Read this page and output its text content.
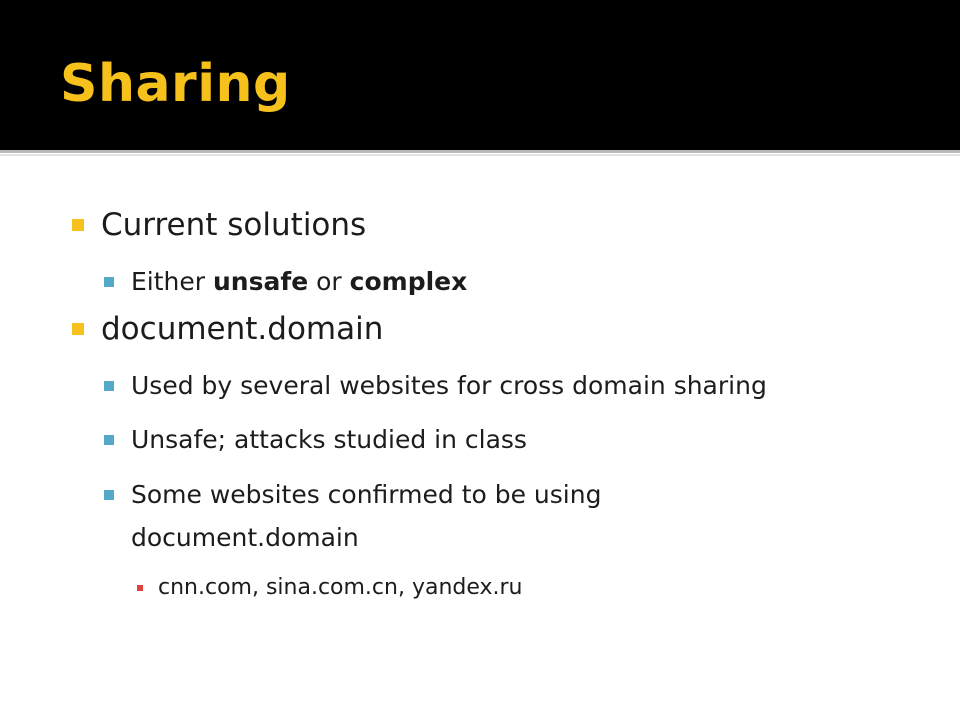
Sharing
Current solutions
Either unsafe or complex
document.domain
Used by several websites for cross domain sharing
Unsafe; attacks studied in class
Some websites confirmed to be using
document.domain
cnn.com, sina.com.cn, yandex.ru
